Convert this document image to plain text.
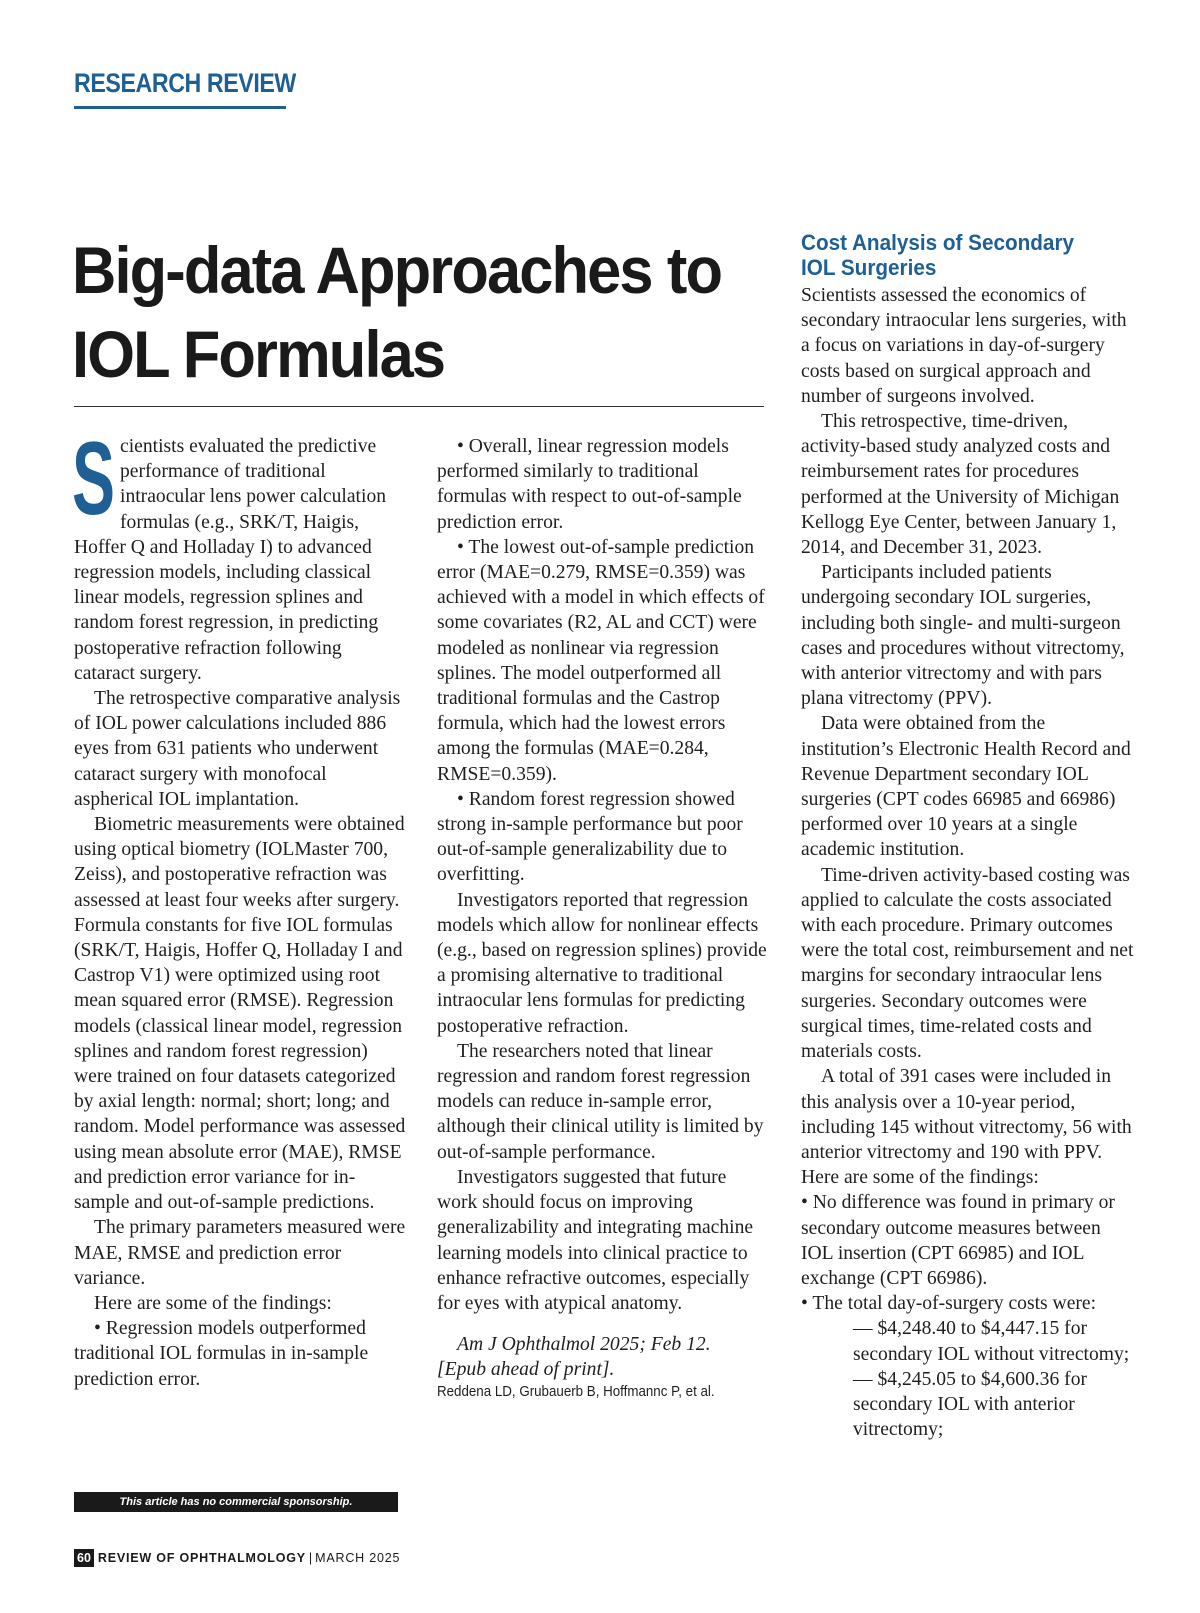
RESEARCH REVIEW
Big-data Approaches to
IOL Formulas

Scientists evaluated the predictive performance of traditional intraocular lens power calculation formulas (e.g., SRK/T, Haigis, Hoffer Q and Holladay I) to advanced regression models, including classical linear models, regression splines and random forest regression, in predicting postoperative refraction following cataract surgery.

The retrospective comparative analysis of IOL power calculations included 886 eyes from 631 patients who underwent cataract surgery with monofocal aspherical IOL implantation.

Biometric measurements were obtained using optical biometry (IOLMaster 700, Zeiss), and postoperative refraction was assessed at least four weeks after surgery. Formula constants for five IOL formulas (SRK/T, Haigis, Hoffer Q, Holladay I and Castrop V1) were optimized using root mean squared error (RMSE). Regression models (classical linear model, regression splines and random forest regression) were trained on four datasets categorized by axial length: normal; short; long; and random. Model performance was assessed using mean absolute error (MAE), RMSE and prediction error variance for in-sample and out-of-sample predictions.

The primary parameters measured were MAE, RMSE and prediction error variance.

Here are some of the findings:

• Regression models outperformed traditional IOL formulas in in-sample prediction error.

• Overall, linear regression models performed similarly to traditional formulas with respect to out-of-sample prediction error.

• The lowest out-of-sample prediction error (MAE=0.279, RMSE=0.359) was achieved with a model in which effects of some covariates (R2, AL and CCT) were modeled as nonlinear via regression splines. The model outperformed all traditional formulas and the Castrop formula, which had the lowest errors among the formulas (MAE=0.284, RMSE=0.359).

• Random forest regression showed strong in-sample performance but poor out-of-sample generalizability due to overfitting.

Investigators reported that regression models which allow for nonlinear effects (e.g., based on regression splines) provide a promising alternative to traditional intraocular lens formulas for predicting postoperative refraction.

The researchers noted that linear regression and random forest regression models can reduce in-sample error, although their clinical utility is limited by out-of-sample performance.

Investigators suggested that future work should focus on improving generalizability and integrating machine learning models into clinical practice to enhance refractive outcomes, especially for eyes with atypical anatomy.

Am J Ophthalmol 2025; Feb 12.

[Epub ahead of print].

Reddena LD, Grubauerb B, Hoffmannc P, et al.

Cost Analysis of Secondary IOL Surgeries

Scientists assessed the economics of secondary intraocular lens surgeries, with a focus on variations in day-of-surgery costs based on surgical approach and number of surgeons involved.

This retrospective, time-driven, activity-based study analyzed costs and reimbursement rates for procedures performed at the University of Michigan Kellogg Eye Center, between January 1, 2014, and December 31, 2023.

Participants included patients undergoing secondary IOL surgeries, including both single- and multi-surgeon cases and procedures without vitrectomy, with anterior vitrectomy and with pars plana vitrectomy (PPV).

Data were obtained from the institution’s Electronic Health Record and Revenue Department secondary IOL surgeries (CPT codes 66985 and 66986) performed over 10 years at a single academic institution.

Time-driven activity-based costing was applied to calculate the costs associated with each procedure. Primary outcomes were the total cost, reimbursement and net margins for secondary intraocular lens surgeries. Secondary outcomes were surgical times, time-related costs and materials costs.

A total of 391 cases were included in this analysis over a 10-year period, including 145 without vitrectomy, 56 with anterior vitrectomy and 190 with PPV. Here are some of the findings:

• No difference was found in primary or secondary outcome measures between IOL insertion (CPT 66985) and IOL exchange (CPT 66986).

• The total day-of-surgery costs were:

— $4,248.40 to $4,447.15 for secondary IOL without vitrectomy;

— $4,245.05 to $4,600.36 for secondary IOL with anterior vitrectomy;

This article has no commercial sponsorship.
60 REVIEW OF OPHTHALMOLOGY | MARCH 2025
